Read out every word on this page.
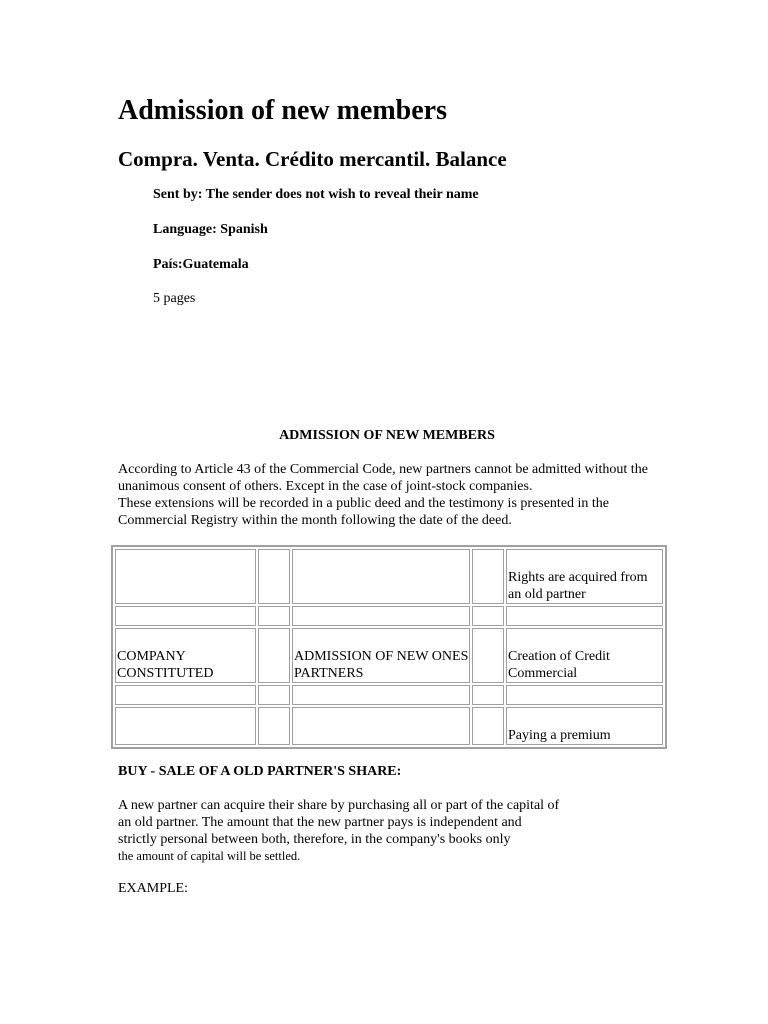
Admission of new members
Compra. Venta. Crédito mercantil. Balance
Sent by: The sender does not wish to reveal their name
Language: Spanish
País:Guatemala
5 pages
ADMISSION OF NEW MEMBERS

According to Article 43 of the Commercial Code, new partners cannot be admitted without the
unanimous consent of others. Except in the case of joint-stock companies.
These extensions will be recorded in a public deed and the testimony is presented in the
Commercial Registry within the month following the date of the deed.

				Rights are acquired from an old partner

COMPANY CONSTITUTED		ADMISSION OF NEW ONES PARTNERS		Creation of Credit Commercial

				Paying a premium

BUY - SALE OF A OLD PARTNER'S SHARE:

A new partner can acquire their share by purchasing all or part of the capital of
an old partner. The amount that the new partner pays is independent and
strictly personal between both, therefore, in the company's books only
the amount of capital will be settled.

EXAMPLE:
